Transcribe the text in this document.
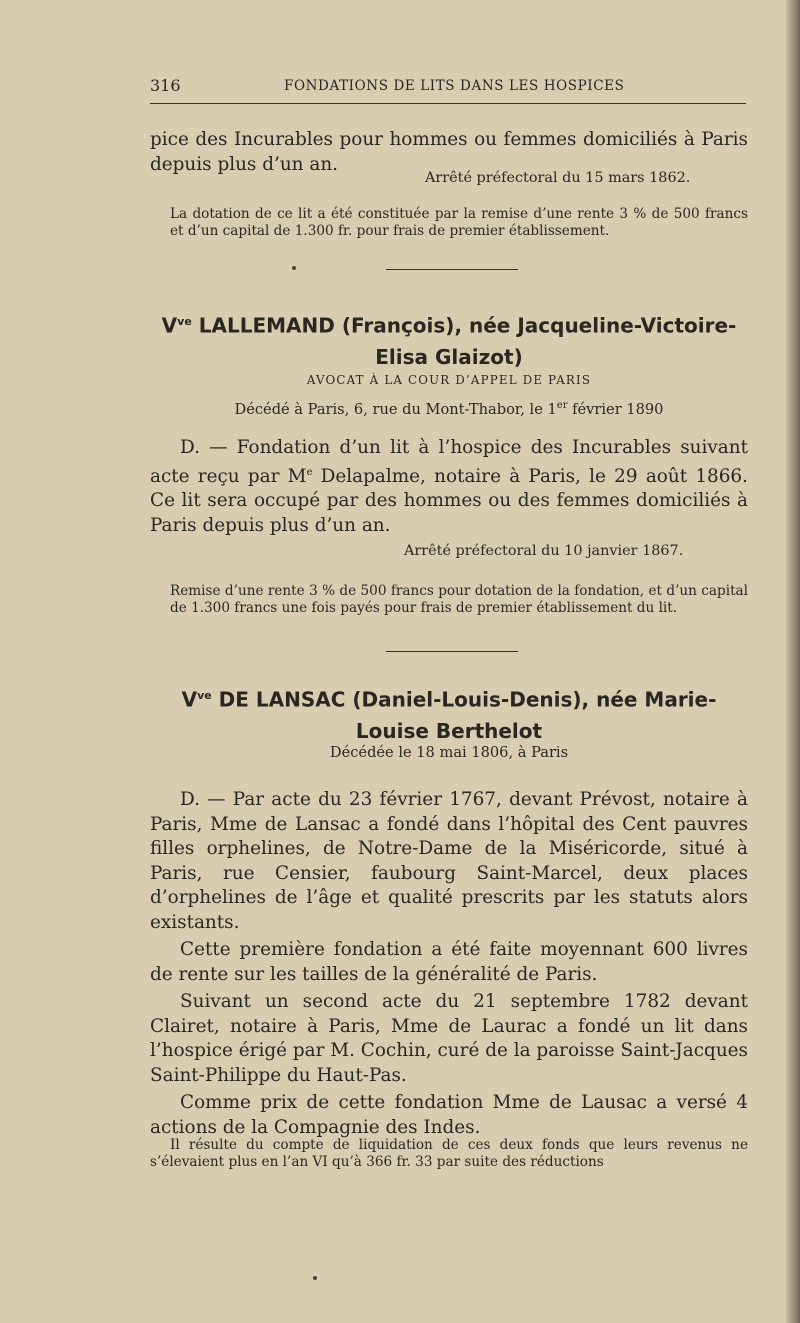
316	FONDATIONS DE LITS DANS LES HOSPICES

pice des Incurables pour hommes ou femmes domiciliés à Paris depuis plus d’un an.

Arrêté préfectoral du 15 mars 1862.

La dotation de ce lit a été constituée par la remise d’une rente 3 % de 500 francs et d’un capital de 1.300 fr. pour frais de premier établissement.

$V^{ve}$ LALLEMAND (François), née Jacqueline-Victoire-
Elisa Glaizot)

AVOCAT À LA COUR D’APPEL DE PARIS
Décédé à Paris, 6, rue du Mont-Thabor, le 1er février 1890

D. — Fondation d’un lit à l’hospice des Incurables suivant acte reçu par Me Delapalme, notaire à Paris, le 29 août 1866. Ce lit sera occupé par des hommes ou des femmes domiciliés à Paris depuis plus d’un an.

Arrêté préfectoral du 10 janvier 1867.

Remise d’une rente 3 % de 500 francs pour dotation de la fondation, et d’un capital de 1.300 francs une fois payés pour frais de premier établissement du lit.

$V^{ve}$ DE LANSAC (Daniel-Louis-Denis), née Marie-
Louise Berthelot

Décédée le 18 mai 1806, à Paris

D. — Par acte du 23 février 1767, devant Prévost, notaire à Paris, Mme de Lansac a fondé dans l’hôpital des Cent pauvres filles orphelines, de Notre-Dame de la Miséricorde, situé à Paris, rue Censier, faubourg Saint-Marcel, deux places d’orphelines de l’âge et qualité prescrits par les statuts alors existants.

Cette première fondation a été faite moyennant 600 livres de rente sur les tailles de la généralité de Paris.

Suivant un second acte du 21 septembre 1782 devant Clairet, notaire à Paris, Mme de Laurac a fondé un lit dans l’hospice érigé par M. Cochin, curé de la paroisse Saint-Jacques Saint-Philippe du Haut-Pas.

Comme prix de cette fondation Mme de Lausac a versé 4 actions de la Compagnie des Indes.

Il résulte du compte de liquidation de ces deux fonds que leurs revenus ne s’élevaient plus en l’an VI qu’à 366 fr. 33 par suite des réductions
